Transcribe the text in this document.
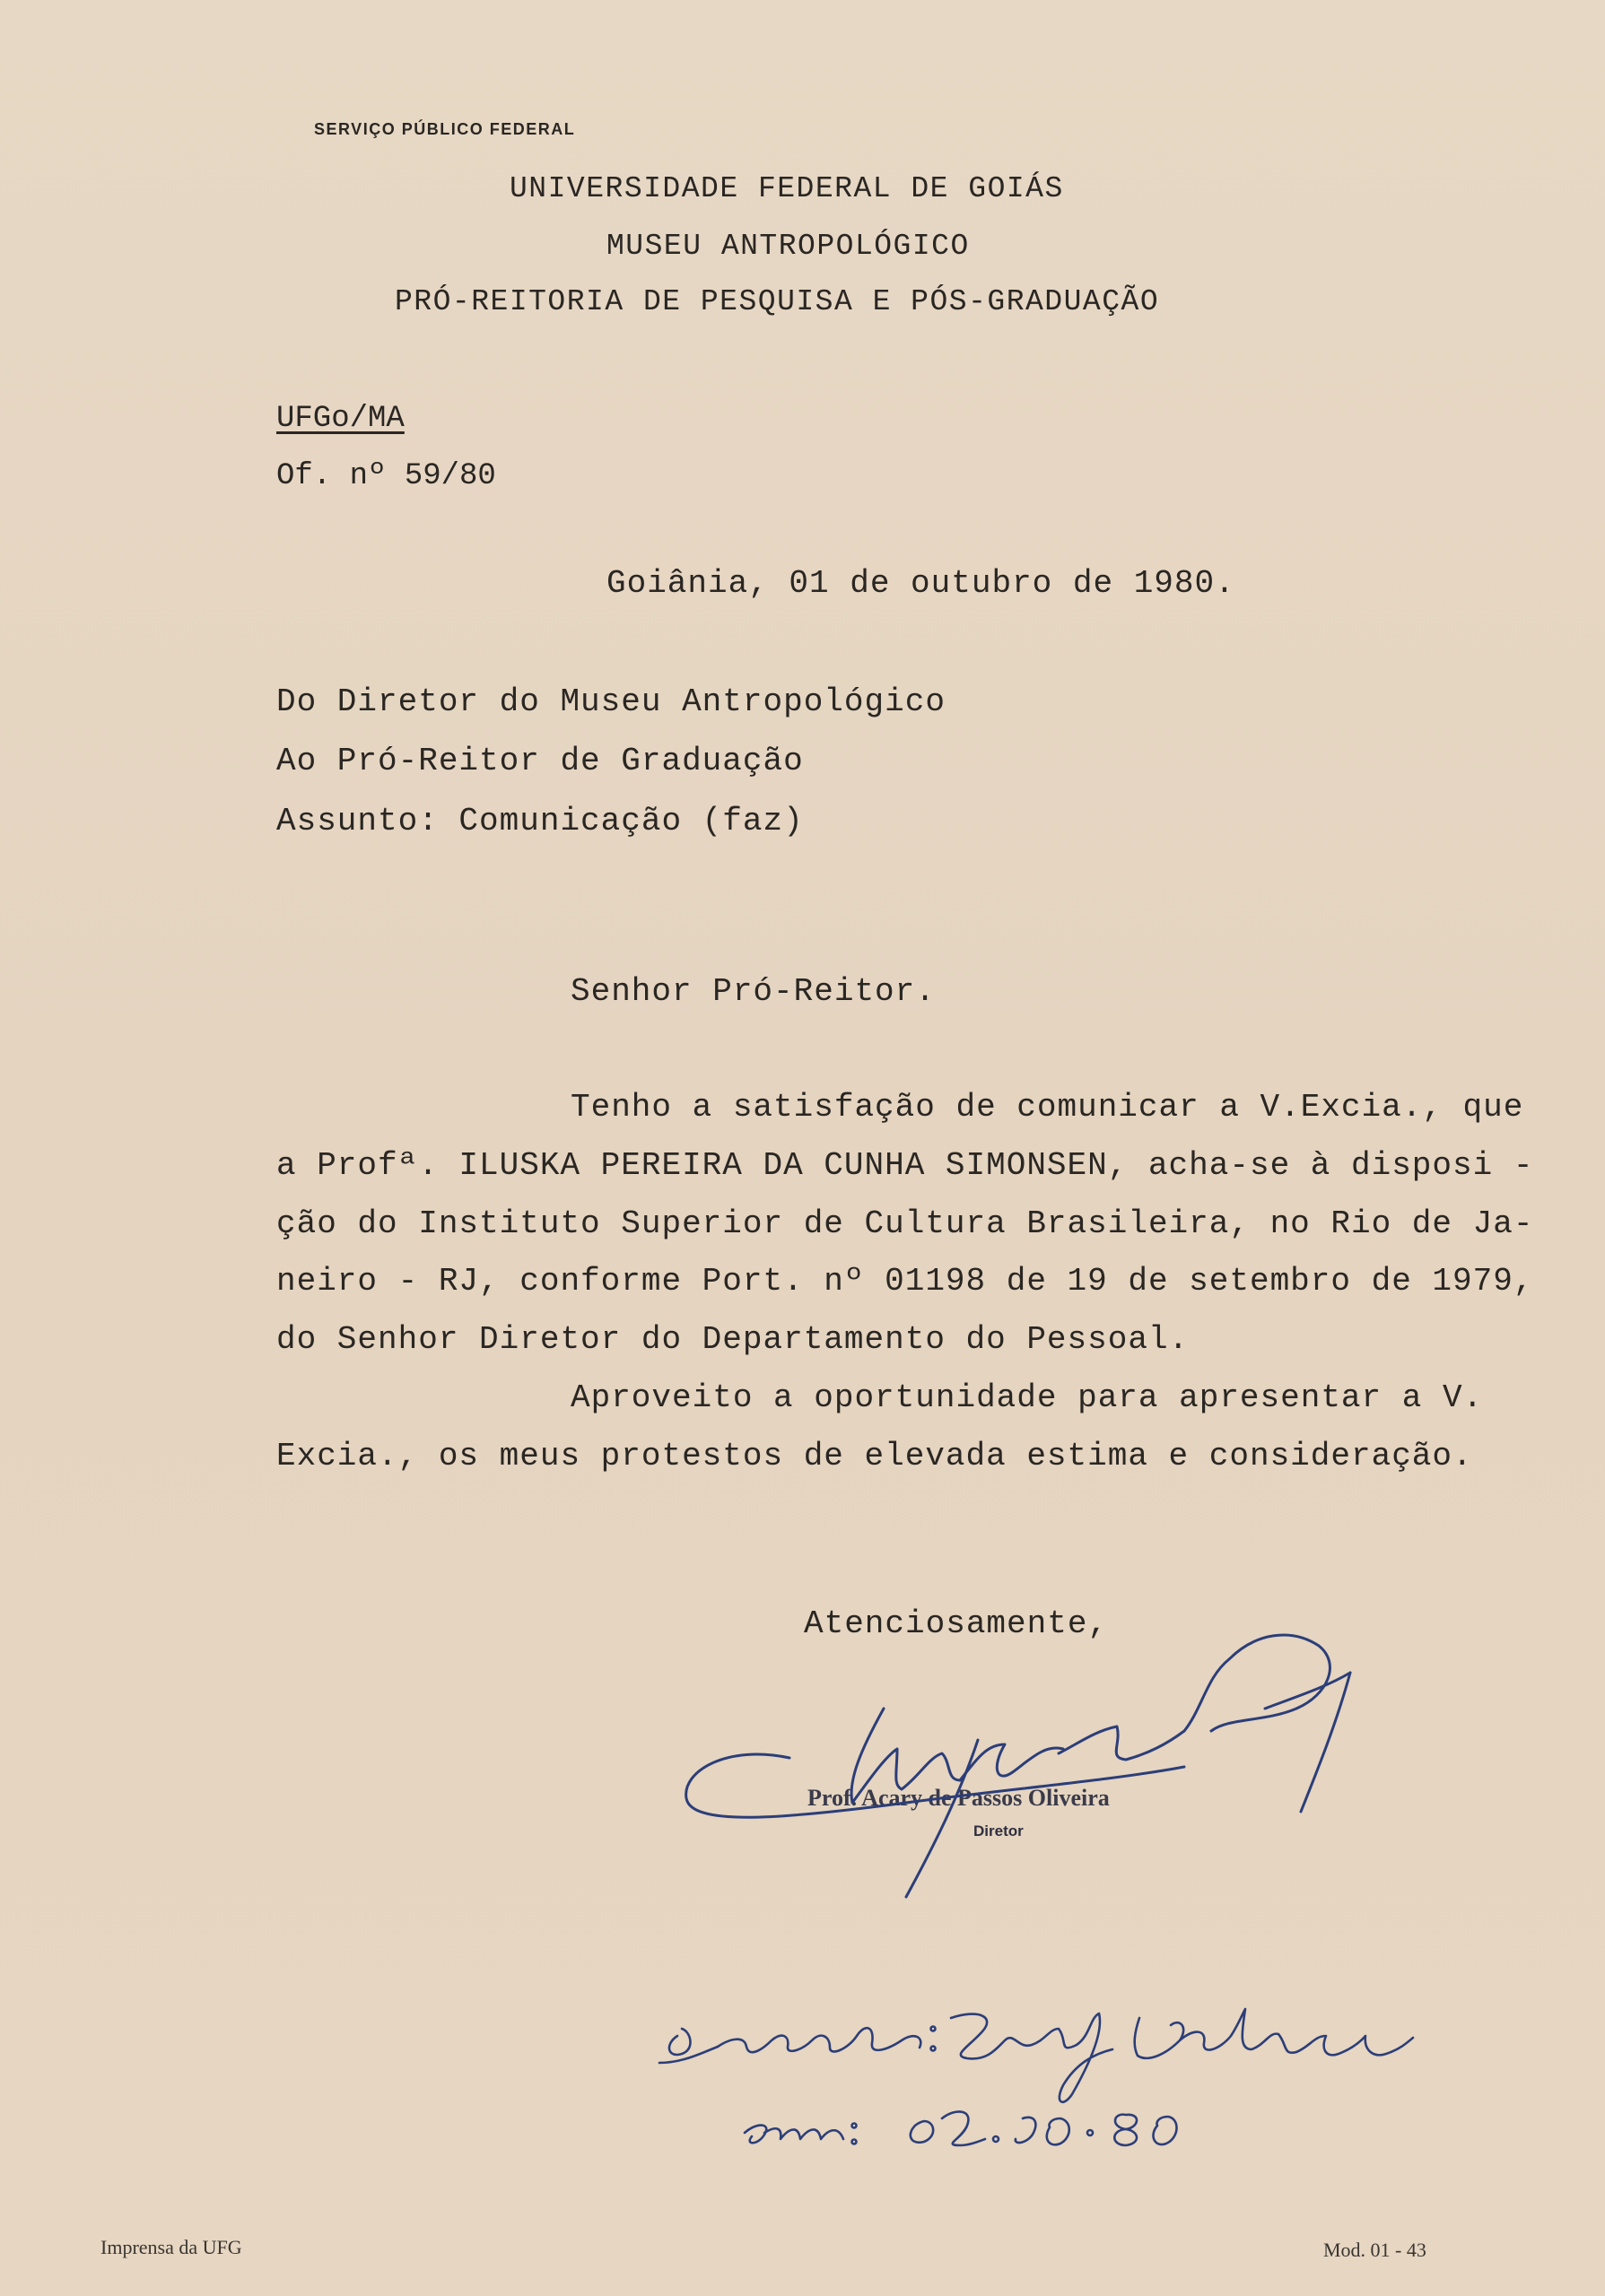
SERVIÇO PÚBLICO FEDERAL
UNIVERSIDADE FEDERAL DE GOIÁS
MUSEU ANTROPOLÓGICO
PRÓ-REITORIA DE PESQUISA E PÓS-GRADUAÇÃO
UFGo/MA
Of. nº 59/80
Goiânia, 01 de outubro de 1980.
Do Diretor do Museu Antropológico
Ao Pró-Reitor de Graduação
Assunto: Comunicação (faz)
Senhor Pró-Reitor.
Tenho a satisfação de comunicar a V.Excia., que
a Profª. ILUSKA PEREIRA DA CUNHA SIMONSEN, acha-se à disposi -
ção do Instituto Superior de Cultura Brasileira, no Rio de Ja-
neiro - RJ, conforme Port. nº 01198 de 19 de setembro de 1979,
do Senhor Diretor do Departamento do Pessoal.
Aproveito a oportunidade para apresentar a V.
Excia., os meus protestos de elevada estima e consideração.
Atenciosamente,
Prof. Acary de Passos Oliveira
Diretor
Imprensa da UFG	Mod. 01 - 43
